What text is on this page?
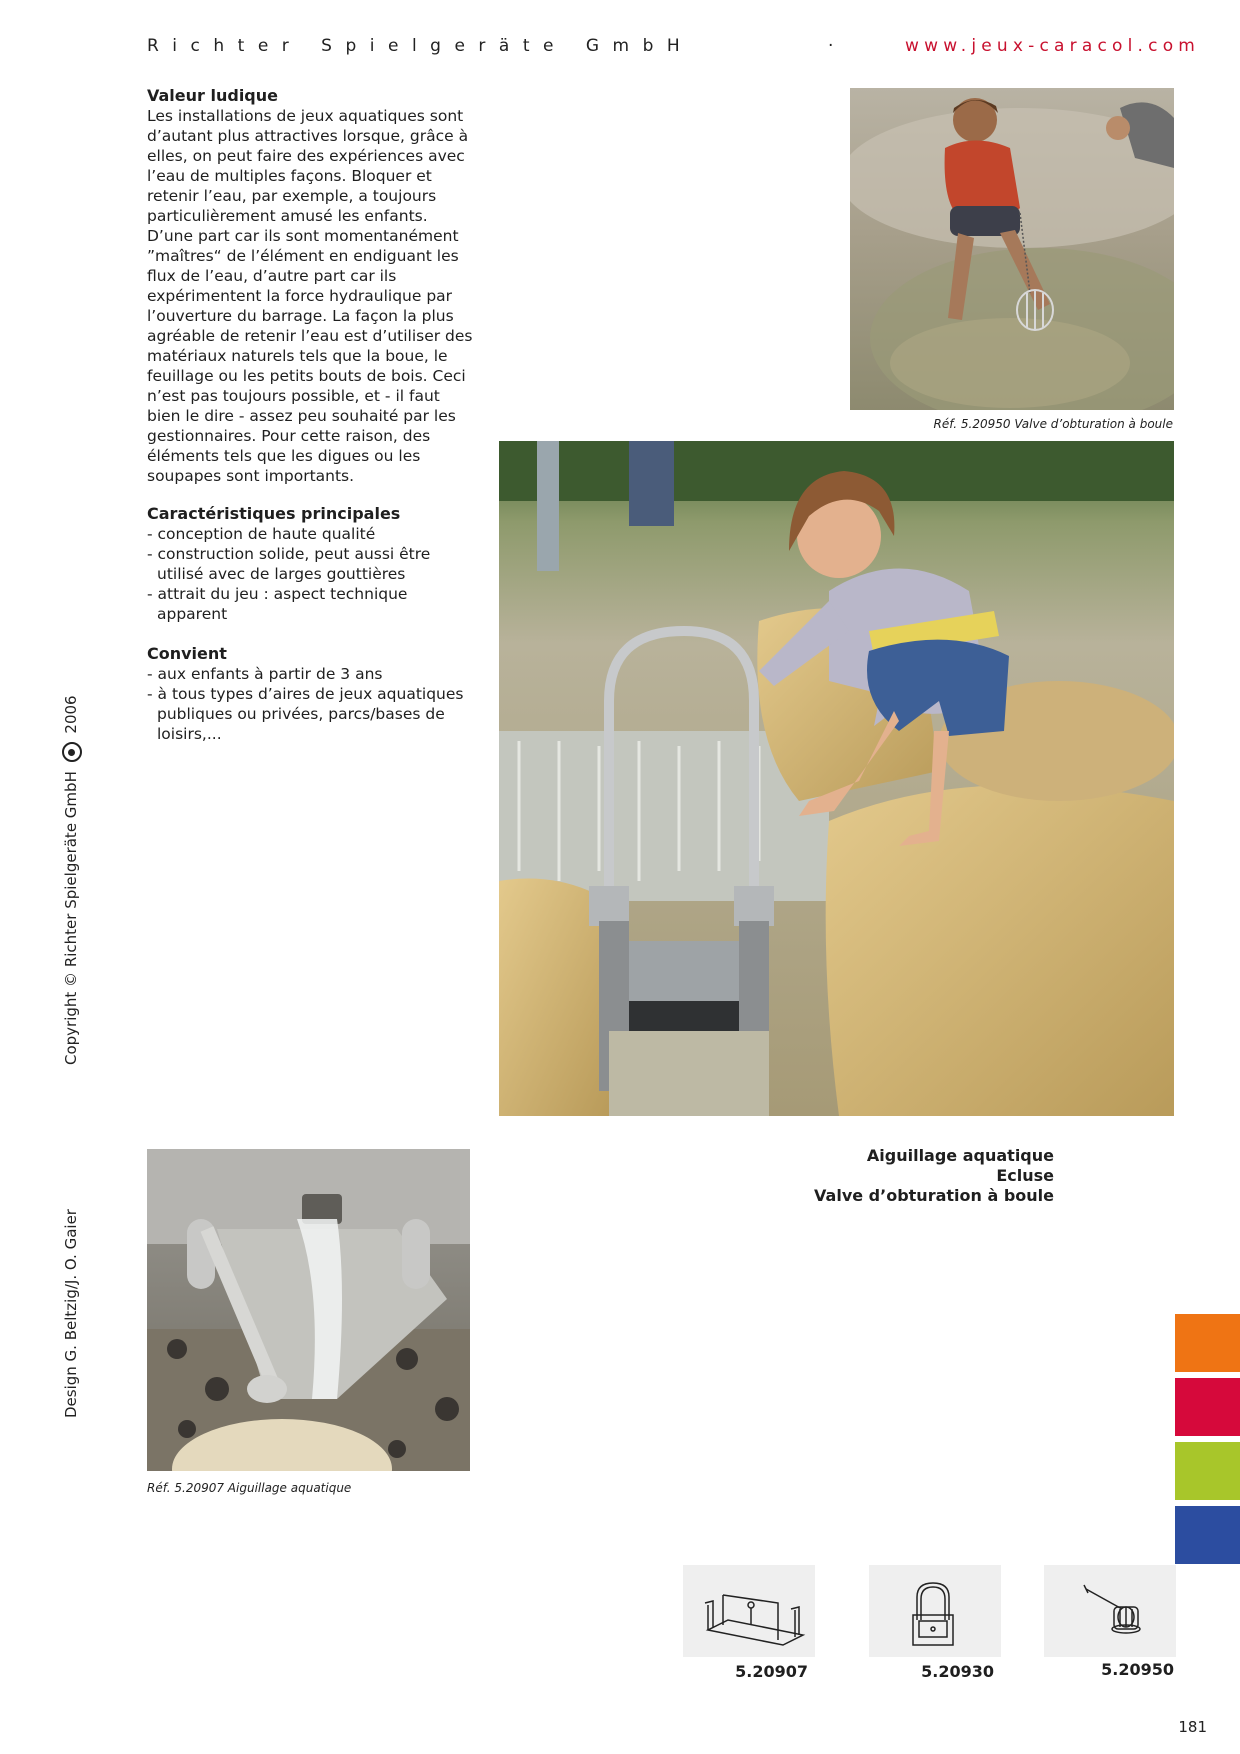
Richter Spielgeräte GmbH	·	www.jeux-caracol.com
Valeur ludique

Les installations de jeux aquatiques sont d’autant plus attractives lorsque, grâce à elles, on peut faire des expériences avec l’eau de multiples façons. Bloquer et retenir l’eau, par exemple, a toujours particulièrement amusé les enfants. D’une part car ils sont momentanément ”maîtres“ de l’élément en endiguant les flux de l’eau, d’autre part car ils expérimentent la force hydraulique par l’ouverture du barrage. La façon la plus agréable de retenir l’eau est d’utiliser des matériaux naturels tels que la boue, le feuillage ou les petits bouts de bois. Ceci n’est pas toujours possible, et - il faut bien le dire - assez peu souhaité par les gestionnaires. Pour cette raison, des éléments tels que les digues ou les soupapes sont importants.

Caractéristiques principales
- conception de haute qualité
- construction solide, peut aussi être utilisé avec de larges gouttières
- attrait du jeu : aspect technique apparent
Convient
- aux enfants à partir de 3 ans
- à tous types d’aires de jeux aquatiques publiques ou privées, parcs/bases de loisirs,...
Copyright © Richter Spielgeräte GmbH  2006
Design G. Beltzig/J. O. Gaier
Réf. 5.20950 Valve d’obturation à boule
Réf. 5.20907 Aiguillage aquatique
Aiguillage aquatique
Ecluse
Valve d’obturation à boule
5.20907	5.20930	5.20950
181
